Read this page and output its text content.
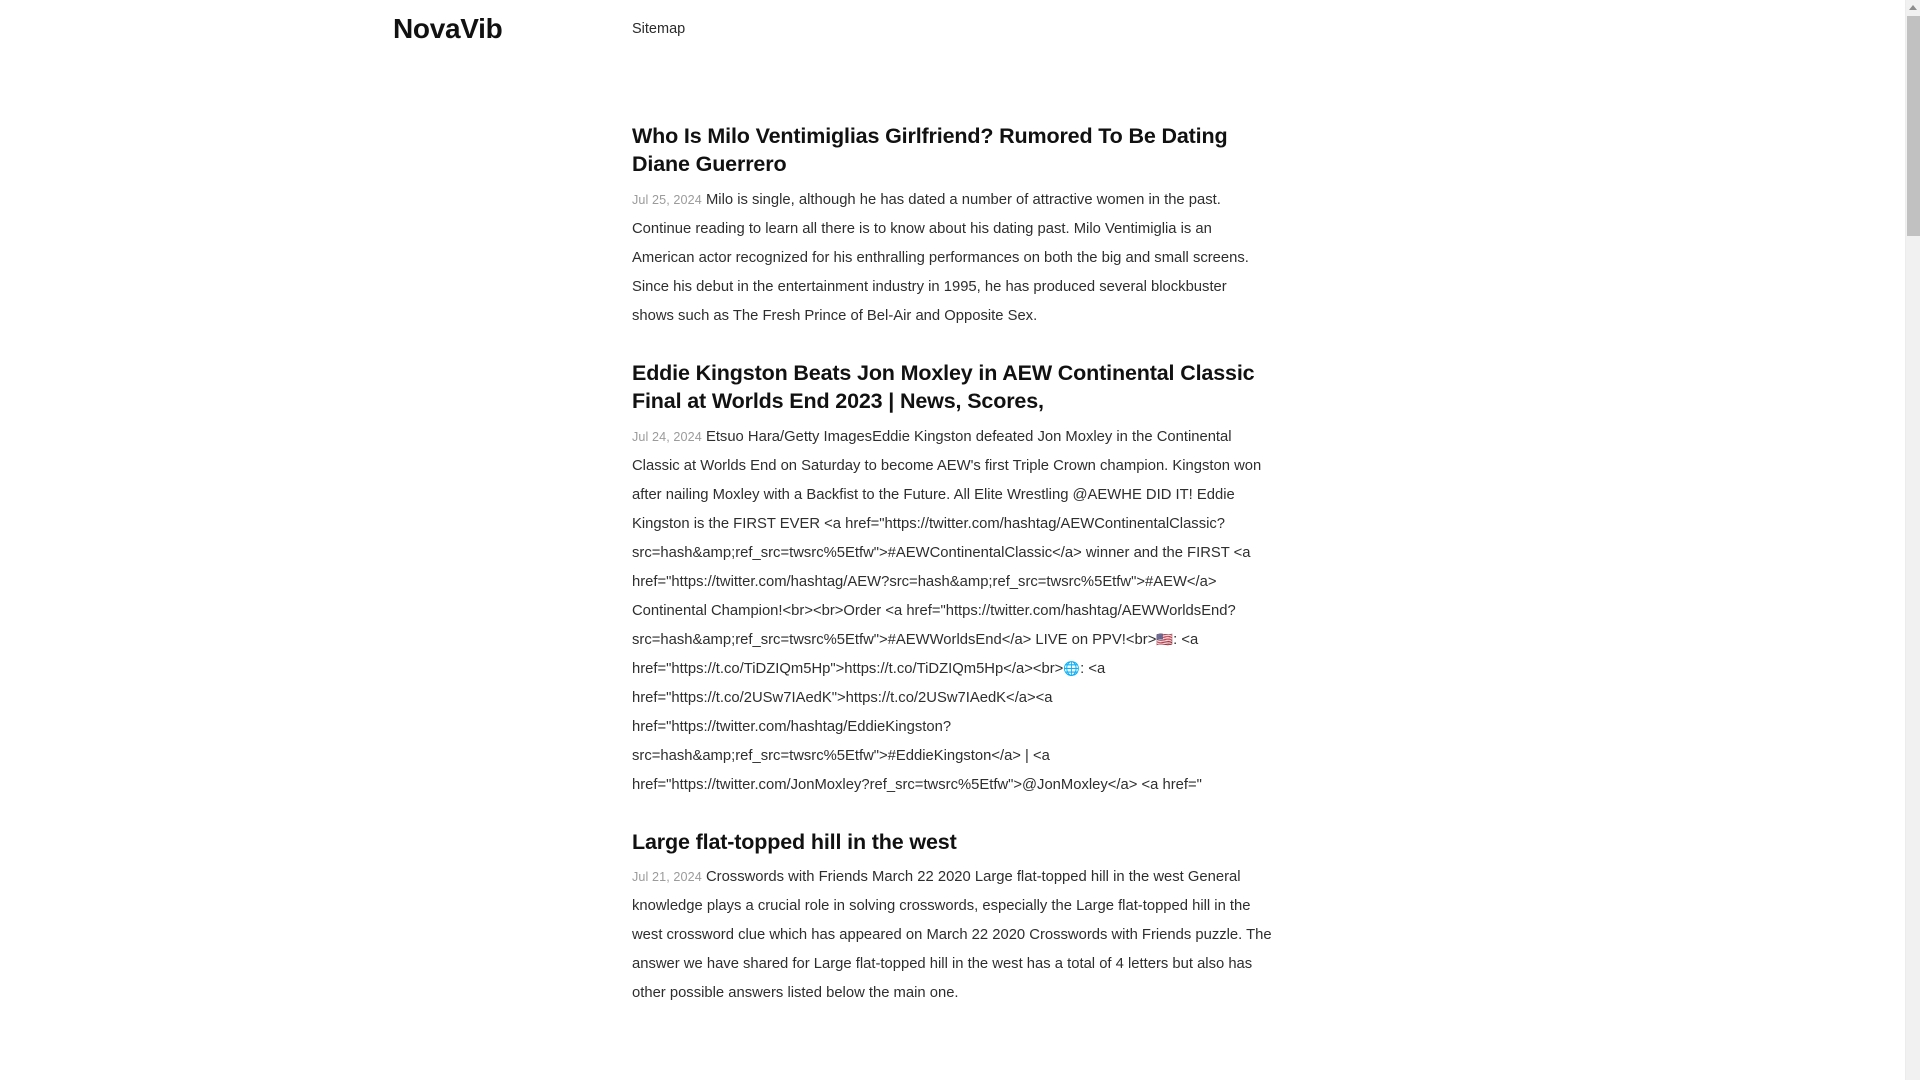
NovaVib	Sitemap
Who Is Milo Ventimiglias Girlfriend? Rumored To Be Dating Diane Guerrero

Jul 25, 2024 Milo is single, although he has dated a number of attractive women in the past. Continue reading to learn all there is to know about his dating past. Milo Ventimiglia is an American actor recognized for his enthralling performances on both the big and small screens. Since his debut in the entertainment industry in 1995, he has produced several blockbuster shows such as The Fresh Prince of Bel-Air and Opposite Sex.

Eddie Kingston Beats Jon Moxley in AEW Continental Classic Final at Worlds End 2023 | News, Scores,

Jul 24, 2024 Etsuo Hara/Getty ImagesEddie Kingston defeated Jon Moxley in the Continental Classic at Worlds End on Saturday to become AEW's first Triple Crown champion. Kingston won after nailing Moxley with a Backfist to the Future. All Elite Wrestling @AEWHE DID IT! Eddie Kingston is the FIRST EVER <a href="https://twitter.com/hashtag/AEWContinentalClassic?src=hash&amp;ref_src=twsrc%5Etfw">#AEWContinentalClassic</a> winner and the FIRST <a href="https://twitter.com/hashtag/AEW?src=hash&amp;ref_src=twsrc%5Etfw">#AEW</a> Continental Champion!<br><br>Order <a href="https://twitter.com/hashtag/AEWWorldsEnd?src=hash&amp;ref_src=twsrc%5Etfw">#AEWWorldsEnd</a> LIVE on PPV!<br>🇺🇸: <a href="https://t.co/TiDZIQm5Hp">https://t.co/TiDZIQm5Hp</a><br>🌐: <a href="https://t.co/2USw7IAedK">https://t.co/2USw7IAedK</a><a href="https://twitter.com/hashtag/EddieKingston?src=hash&amp;ref_src=twsrc%5Etfw">#EddieKingston</a> | <a href="https://twitter.com/JonMoxley?ref_src=twsrc%5Etfw">@JonMoxley</a> <a href="

Large flat-topped hill in the west

Jul 21, 2024 Crosswords with Friends March 22 2020 Large flat-topped hill in the west General knowledge plays a crucial role in solving crosswords, especially the Large flat-topped hill in the west crossword clue which has appeared on March 22 2020 Crosswords with Friends puzzle. The answer we have shared for Large flat-topped hill in the west has a total of 4 letters but also has other possible answers listed below the main one.
